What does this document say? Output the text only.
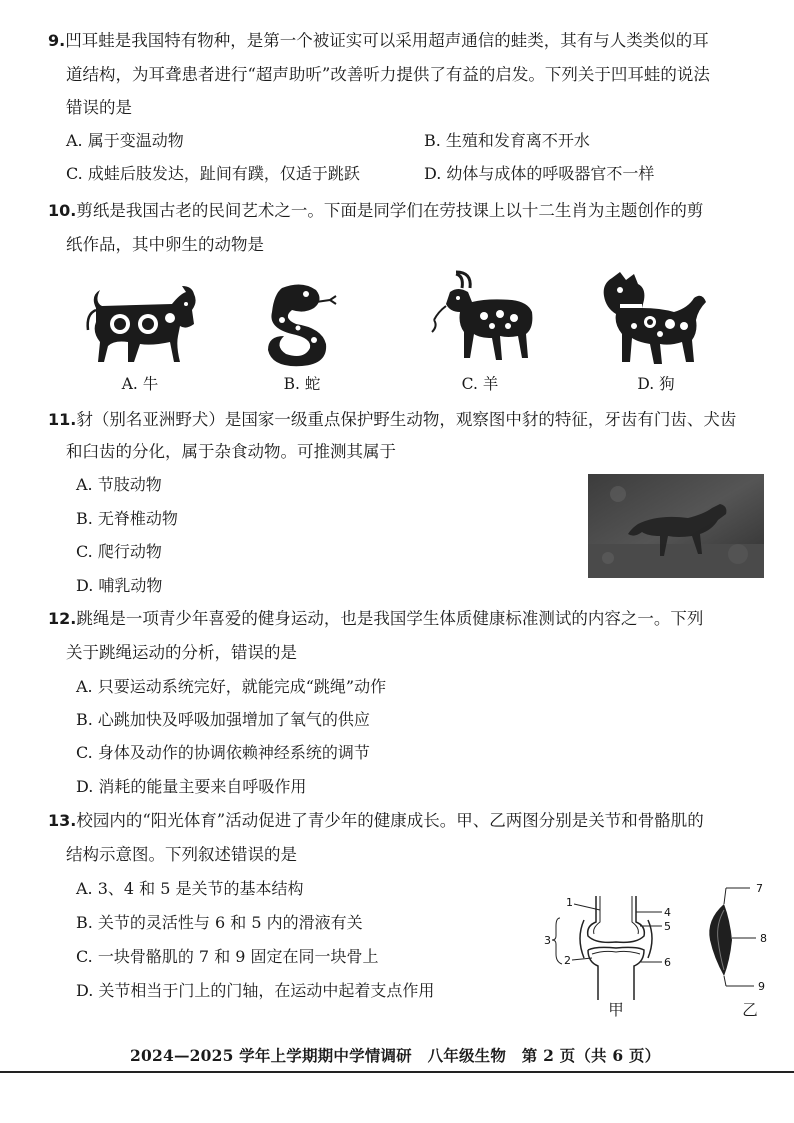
9.凹耳蛙是我国特有物种，是第一个被证实可以采用超声通信的蛙类，其有与人类类似的耳
道结构，为耳聋患者进行“超声助听”改善听力提供了有益的启发。下列关于凹耳蛙的说法
错误的是
A. 属于变温动物	B. 生殖和发育离不开水
C. 成蛙后肢发达，趾间有蹼，仅适于跳跃	D. 幼体与成体的呼吸器官不一样
10.剪纸是我国古老的民间艺术之一。下面是同学们在劳技课上以十二生肖为主题创作的剪
纸作品，其中卵生的动物是
A. 牛	B. 蛇	C. 羊	D. 狗
11.豺（别名亚洲野犬）是国家一级重点保护野生动物，观察图中豺的特征，牙齿有门齿、犬齿
和臼齿的分化，属于杂食动物。可推测其属于
A. 节肢动物
B. 无脊椎动物
C. 爬行动物
D. 哺乳动物
12.跳绳是一项青少年喜爱的健身运动，也是我国学生体质健康标准测试的内容之一。下列
关于跳绳运动的分析，错误的是
A. 只要运动系统完好，就能完成“跳绳”动作
B. 心跳加快及呼吸加强增加了氧气的供应
C. 身体及动作的协调依赖神经系统的调节
D. 消耗的能量主要来自呼吸作用
13.校园内的“阳光体育”活动促进了青少年的健康成长。甲、乙两图分别是关节和骨骼肌的
结构示意图。下列叙述错误的是
A. 3、4 和 5 是关节的基本结构
B. 关节的灵活性与 6 和 5 内的滑液有关
C. 一块骨骼肌的 7 和 9 固定在同一块骨上
D. 关节相当于门上的门轴，在运动中起着支点作用
1
2
3
4
5
6
甲
7
8
9
乙
2024—2025 学年上学期期中学情调研　八年级生物　第 2 页（共 6 页）
